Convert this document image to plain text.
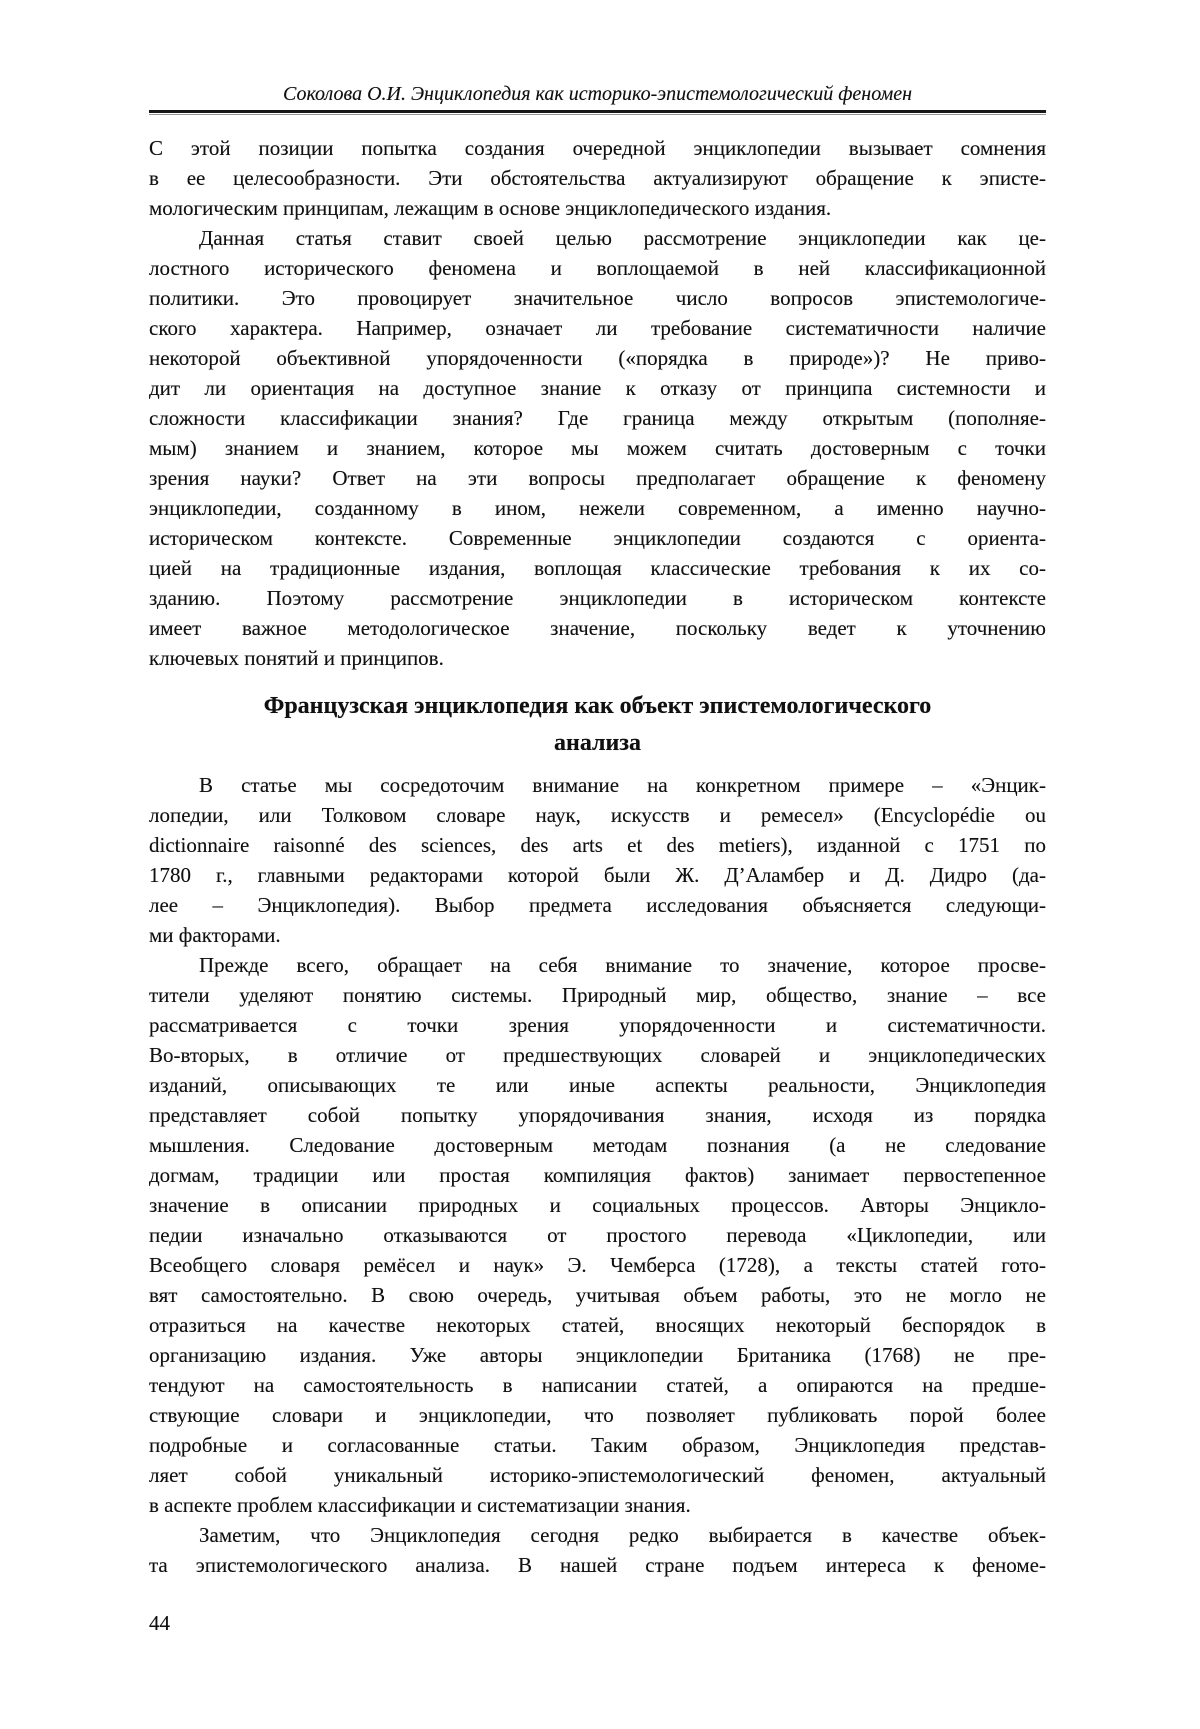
Соколова О.И. Энциклопедия как историко-эпистемологический феномен
С этой позиции попытка создания очередной энциклопедии вызывает сомнения
в ее целесообразности. Эти обстоятельства актуализируют обращение к эписте-
мологическим принципам, лежащим в основе энциклопедического издания.
Данная статья ставит своей целью рассмотрение энциклопедии как це-
лостного исторического феномена и воплощаемой в ней классификационной
политики. Это провоцирует значительное число вопросов эпистемологиче-
ского характера. Например, означает ли требование систематичности наличие
некоторой объективной упорядоченности («порядка в природе»)? Не приво-
дит ли ориентация на доступное знание к отказу от принципа системности и
сложности классификации знания? Где граница между открытым (пополняе-
мым) знанием и знанием, которое мы можем считать достоверным с точки
зрения науки? Ответ на эти вопросы предполагает обращение к феномену
энциклопедии, созданному в ином, нежели современном, а именно научно-
историческом контексте. Современные энциклопедии создаются с ориента-
цией на традиционные издания, воплощая классические требования к их со-
зданию. Поэтому рассмотрение энциклопедии в историческом контексте
имеет важное методологическое значение, поскольку ведет к уточнению
ключевых понятий и принципов.
Французская энциклопедия как объект эпистемологического
анализа
В статье мы сосредоточим внимание на конкретном примере – «Энцик-
лопедии, или Толковом словаре наук, искусств и ремесел» (Encyclopédie ou
dictionnaire raisonné des sciences, des arts et des metiers), изданной с 1751 по
1780 г., главными редакторами которой были Ж. Д’Аламбер и Д. Дидро (да-
лее – Энциклопедия). Выбор предмета исследования объясняется следующи-
ми факторами.
Прежде всего, обращает на себя внимание то значение, которое просве-
тители уделяют понятию системы. Природный мир, общество, знание – все
рассматривается с точки зрения упорядоченности и систематичности.
Во-вторых, в отличие от предшествующих словарей и энциклопедических
изданий, описывающих те или иные аспекты реальности, Энциклопедия
представляет собой попытку упорядочивания знания, исходя из порядка
мышления. Следование достоверным методам познания (а не следование
догмам, традиции или простая компиляция фактов) занимает первостепенное
значение в описании природных и социальных процессов. Авторы Энцикло-
педии изначально отказываются от простого перевода «Циклопедии, или
Всеобщего словаря ремёсел и наук» Э. Чемберса (1728), а тексты статей гото-
вят самостоятельно. В свою очередь, учитывая объем работы, это не могло не
отразиться на качестве некоторых статей, вносящих некоторый беспорядок в
организацию издания. Уже авторы энциклопедии Британика (1768) не пре-
тендуют на самостоятельность в написании статей, а опираются на предше-
ствующие словари и энциклопедии, что позволяет публиковать порой более
подробные и согласованные статьи. Таким образом, Энциклопедия представ-
ляет собой уникальный историко-эпистемологический феномен, актуальный
в аспекте проблем классификации и систематизации знания.
Заметим, что Энциклопедия сегодня редко выбирается в качестве объек-
та эпистемологического анализа. В нашей стране подъем интереса к феноме-
44
